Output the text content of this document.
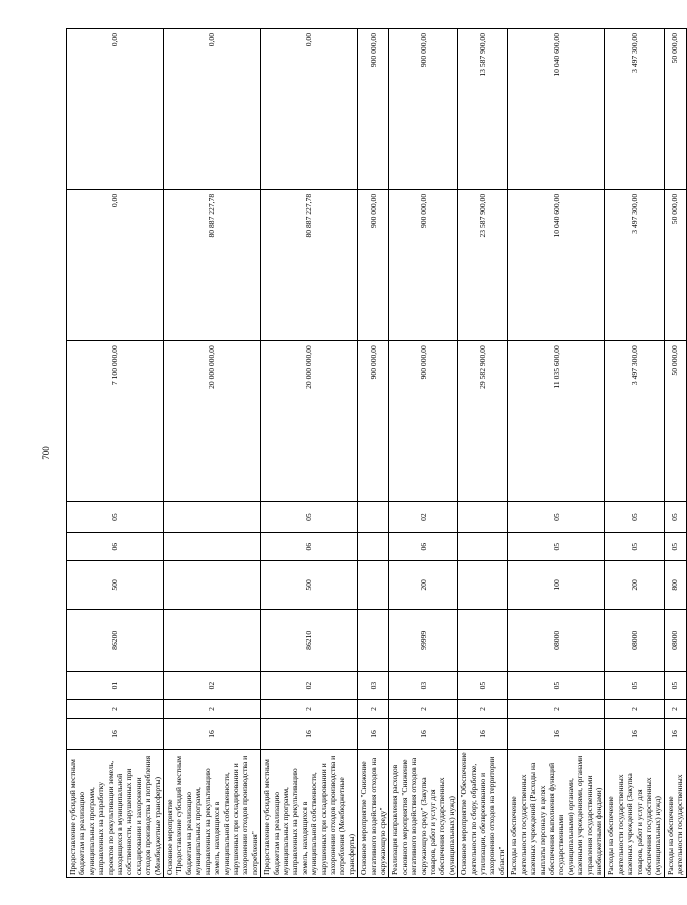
700
Предоставление субсидий местным бюджетам на реализацию муниципальных программ, направленных на разработку проектов по рекультивации земель, находящихся в муниципальной собственности, нарушенных при складировании и захоронении отходов производства и потребления (Межбюджетные трансферты)	16	2	01	86200	500	06	05	7 100 000,00	0,00	0,00
Основное мероприятие "Предоставление субсидий местным бюджетам на реализацию муниципальных программ, направленных на рекультивацию земель, находящихся в муниципальной собственности, нарушенных при складировании и захоронении отходов производства и потребления"	16	2	02					20 000 000,00	80 887 227,78	0,00
Предоставление субсидий местным бюджетам на реализацию муниципальных программ, направленных на рекультивацию земель, находящихся в муниципальной собственности, нарушенных при складировании и захоронении отходов производства и потребления (Межбюджетные трансферты)	16	2	02	86210	500	06	05	20 000 000,00	80 887 227,78	0,00
Основное мероприятие "Снижение негативного воздействия отходов на окружающую среду"	16	2	03					900 000,00	900 000,00	900 000,00
Реализация направления расходов основного мероприятия "Снижение негативного воздействия отходов на окружающую среду" (Закупка товаров, работ и услуг для обеспечения государственных (муниципальных) нужд)	16	2	03	99999	200	06	02	900 000,00	900 000,00	900 000,00
Основное мероприятие "Обеспечение деятельности по сбору, обработке, утилизации, обезвреживанию и захоронению отходов на территории области"	16	2	05					29 582 900,00	23 587 900,00	13 587 900,00
Расходы на обеспечение деятельности государственных казенных учреждений (Расходы на выплаты персоналу в целях обеспечения выполнения функций государственными (муниципальными) органами, казенными учреждениями, органами управления государственными внебюджетными фондами)	16	2	05	08000	100	05	05	11 035 600,00	10 040 600,00	10 040 600,00
Расходы на обеспечение деятельности государственных казенных учреждений (Закупка товаров, работ и услуг для обеспечения государственных (муниципальных) нужд)	16	2	05	08000	200	05	05	3 497 300,00	3 497 300,00	3 497 300,00
Расходы на обеспечение деятельности государственных	16	2	05	08000	800	05	05	50 000,00	50 000,00	50 000,00
